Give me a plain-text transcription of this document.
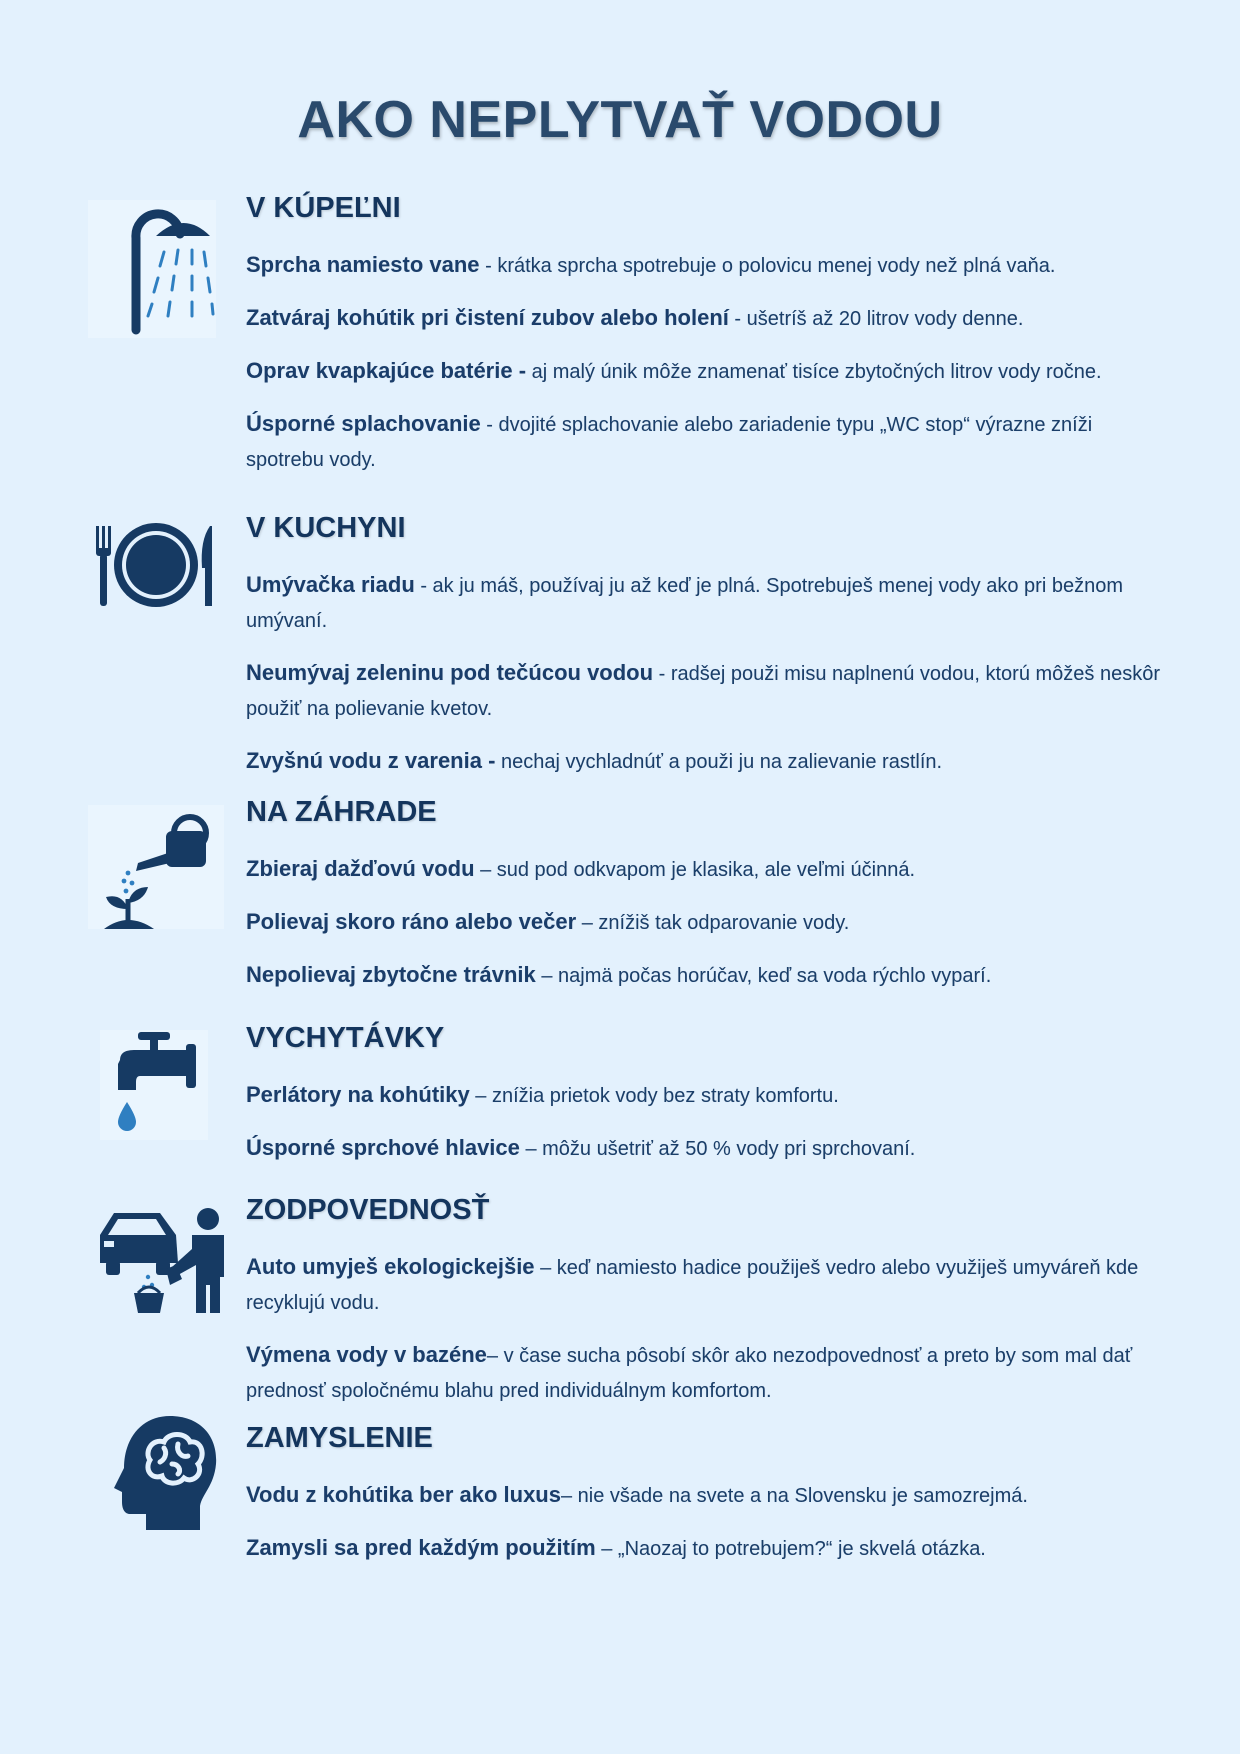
AKO NEPLYTVAŤ VODOU
V KÚPEĽNI
Sprcha namiesto vane - krátka sprcha spotrebuje o polovicu menej vody než plná vaňa.
Zatváraj kohútik pri čistení zubov alebo holení - ušetríš až 20 litrov vody denne.
Oprav kvapkajúce batérie - aj malý únik môže znamenať tisíce zbytočných litrov vody ročne.
Úsporné splachovanie - dvojité splachovanie alebo zariadenie typu „WC stop“ výrazne zníži spotrebu vody.
V KUCHYNI
Umývačka riadu - ak ju máš, používaj ju až keď je plná. Spotrebuješ menej vody ako pri bežnom umývaní.
Neumývaj zeleninu pod tečúcou vodou - radšej použi misu naplnenú vodou, ktorú môžeš neskôr použiť na polievanie kvetov.
Zvyšnú vodu z varenia - nechaj vychladnúť a použi ju na zalievanie rastlín.
NA ZÁHRADE
Zbieraj dažďovú vodu – sud pod odkvapom je klasika, ale veľmi účinná.
Polievaj skoro ráno alebo večer – znížiš tak odparovanie vody.
Nepolievaj zbytočne trávnik – najmä počas horúčav, keď sa voda rýchlo vyparí.
VYCHYTÁVKY
Perlátory na kohútiky – znížia prietok vody bez straty komfortu.
Úsporné sprchové hlavice – môžu ušetriť až 50 % vody pri sprchovaní.
ZODPOVEDNOSŤ
Auto umyješ ekologickejšie – keď namiesto hadice použiješ vedro alebo využiješ umyváreň kde recyklujú vodu.
Výmena vody v bazéne– v čase sucha pôsobí skôr ako nezodpovednosť a preto by som mal dať prednosť spoločnému blahu pred individuálnym komfortom.
ZAMYSLENIE
Vodu z kohútika ber ako luxus– nie všade na svete a na Slovensku je samozrejmá.
Zamysli sa pred každým použitím – „Naozaj to potrebujem?“ je skvelá otázka.
